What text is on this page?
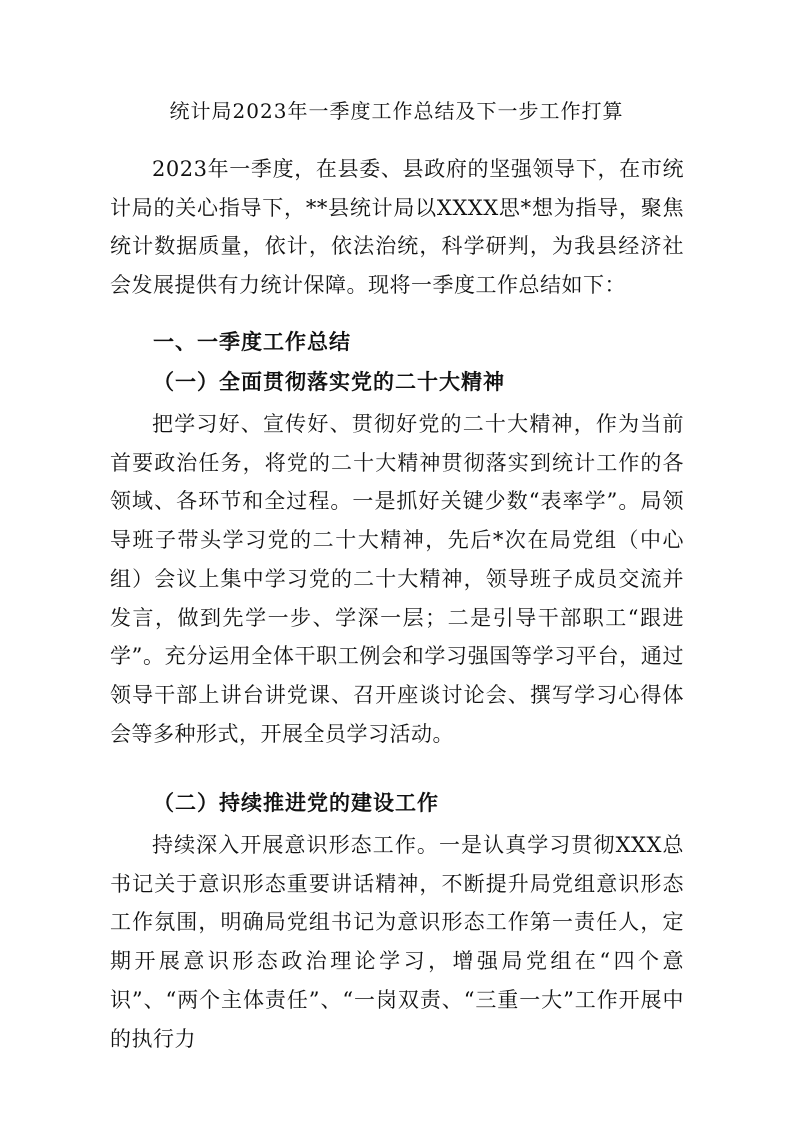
统计局2023年一季度工作总结及下一步工作打算
2023年一季度，在县委、县政府的坚强领导下，在市统计局的关心指导下，**县统计局以XXXX思*想为指导，聚焦统计数据质量，依计，依法治统，科学研判，为我县经济社会发展提供有力统计保障。现将一季度工作总结如下：
一、一季度工作总结
（一）全面贯彻落实党的二十大精神
把学习好、宣传好、贯彻好党的二十大精神，作为当前首要政治任务，将党的二十大精神贯彻落实到统计工作的各领域、各环节和全过程。一是抓好关键少数“表率学”。局领导班子带头学习党的二十大精神，先后*次在局党组（中心组）会议上集中学习党的二十大精神，领导班子成员交流并发言，做到先学一步、学深一层；二是引导干部职工“跟进学”。充分运用全体干职工例会和学习强国等学习平台，通过领导干部上讲台讲党课、召开座谈讨论会、撰写学习心得体会等多种形式，开展全员学习活动。
（二）持续推进党的建设工作
持续深入开展意识形态工作。一是认真学习贯彻XXX总书记关于意识形态重要讲话精神，不断提升局党组意识形态工作氛围，明确局党组书记为意识形态工作第一责任人，定期开展意识形态政治理论学习，增强局党组在“四个意识”、“两个主体责任”、“一岗双责、“三重一大”工作开展中的执行力
